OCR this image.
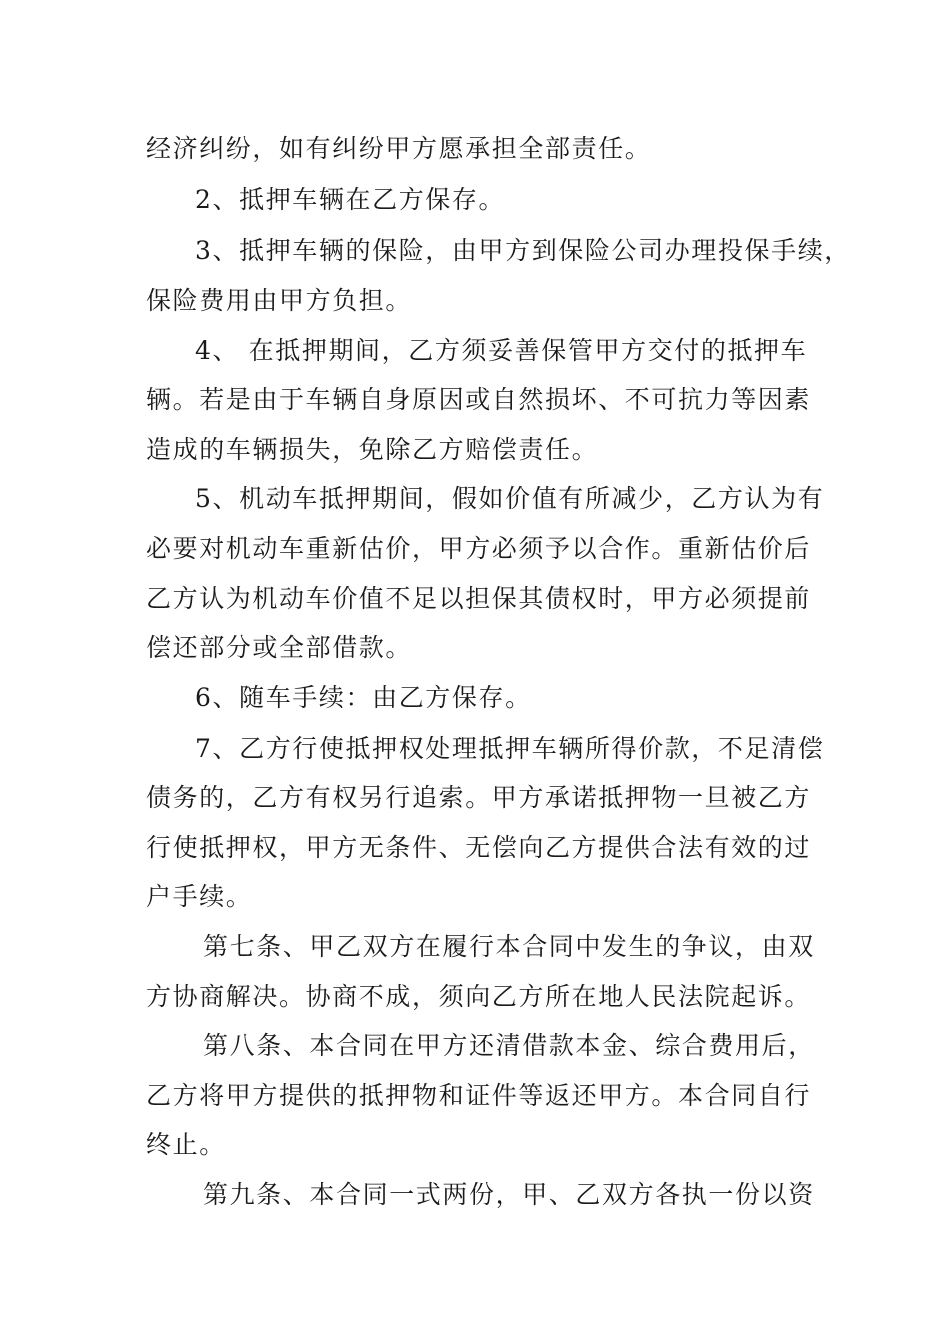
经济纠纷，如有纠纷甲方愿承担全部责任。
2、抵押车辆在乙方保存。
3、抵押车辆的保险，由甲方到保险公司办理投保手续，
保险费用由甲方负担。
4、 在抵押期间，乙方须妥善保管甲方交付的抵押车
辆。若是由于车辆自身原因或自然损坏、不可抗力等因素
造成的车辆损失，免除乙方赔偿责任。
5、机动车抵押期间，假如价值有所减少，乙方认为有
必要对机动车重新估价，甲方必须予以合作。重新估价后
乙方认为机动车价值不足以担保其债权时，甲方必须提前
偿还部分或全部借款。
6、随车手续：由乙方保存。
7、乙方行使抵押权处理抵押车辆所得价款，不足清偿
债务的，乙方有权另行追索。甲方承诺抵押物一旦被乙方
行使抵押权，甲方无条件、无偿向乙方提供合法有效的过
户手续。
第七条、甲乙双方在履行本合同中发生的争议，由双
方协商解决。协商不成，须向乙方所在地人民法院起诉。
第八条、本合同在甲方还清借款本金、综合费用后，
乙方将甲方提供的抵押物和证件等返还甲方。本合同自行
终止。
第九条、本合同一式两份，甲、乙双方各执一份以资
